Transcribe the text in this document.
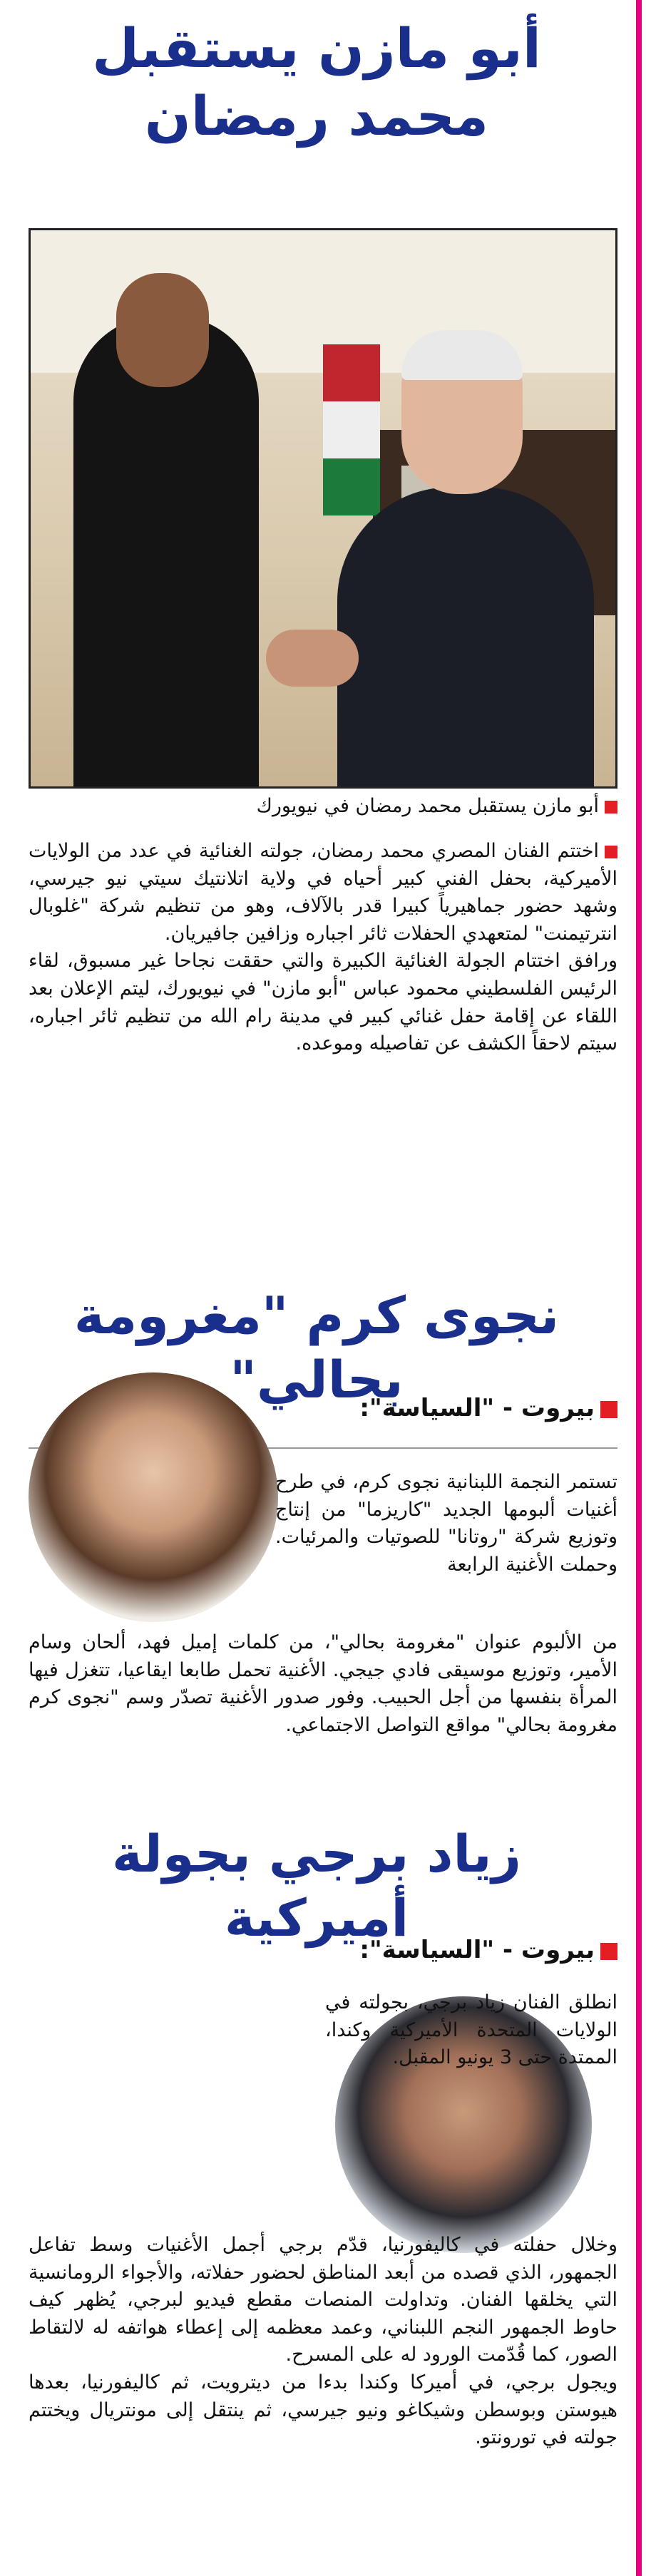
أبو مازن يستقبل
محمد رمضان
أبو مازن يستقبل محمد رمضان في نيويورك

اختتم الفنان المصري محمد رمضان، جولته الغنائية في عدد من الولايات الأميركية، بحفل الفني كبير أحياه في ولاية اتلانتيك سيتي نيو جيرسي، وشهد حضور جماهيرياً كبيرا قدر بالآلاف، وهو من تنظيم شركة "غلوبال انترتيمنت" لمتعهدي الحفلات ثائر اجباره وزافين جافيريان.

ورافق اختتام الجولة الغنائية الكبيرة والتي حققت نجاحا غير مسبوق، لقاء الرئيس الفلسطيني محمود عباس "أبو مازن" في نيويورك، ليتم الإعلان بعد اللقاء عن إقامة حفل غنائي كبير في مدينة رام الله من تنظيم ثائر اجباره، سيتم لاحقاً الكشف عن تفاصيله وموعده.

نجوى كرم "مغرومة بحالي"
بيروت - "السياسة":
تستمر النجمة اللبنانية نجوى كرم، في طرح أغنيات ألبومها الجديد "كاريزما" من إنتاج وتوزيع شركة "روتانا" للصوتيات والمرئيات. وحملت الأغنية الرابعة
من الألبوم عنوان "مغرومة بحالي"، من كلمات إميل فهد، ألحان وسام الأمير، وتوزيع موسيقى فادي جيجي. الأغنية تحمل طابعا ايقاعيا، تتغزل فيها المرأة بنفسها من أجل الحبيب. وفور صدور الأغنية تصدّر وسم "نجوى كرم مغرومة بحالي" مواقع التواصل الاجتماعي.
زياد برجي بجولة أميركية
بيروت - "السياسة":
انطلق الفنان زياد برجي، بجولته في الولايات المتحدة الأميركية وكندا، الممتدة حتى 3 يونيو المقبل.

وخلال حفلته في كاليفورنيا، قدّم برجي أجمل الأغنيات وسط تفاعل الجمهور، الذي قصده من أبعد المناطق لحضور حفلاته، والأجواء الرومانسية التي يخلقها الفنان. وتداولت المنصات مقطع فيديو لبرجي، يُظهر كيف حاوط الجمهور النجم اللبناني، وعمد معظمه إلى إعطاء هواتفه له لالتقاط الصور، كما قُدّمت الورود له على المسرح.

ويجول برجي، في أميركا وكندا بدءا من ديترويت، ثم كاليفورنيا، بعدها هيوستن وبوسطن وشيكاغو ونيو جيرسي، ثم ينتقل إلى مونتريال ويختتم جولته في تورونتو.
